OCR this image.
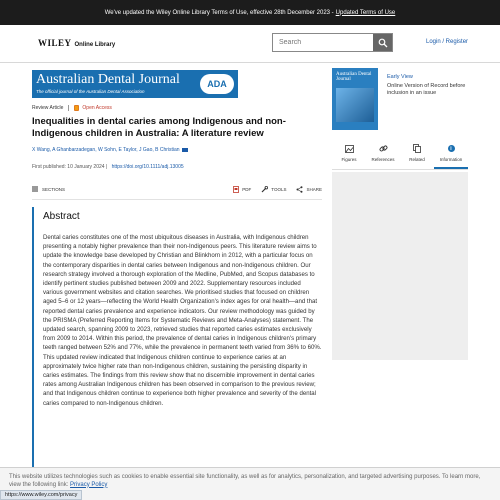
We've updated the Wiley Online Library Terms of Use, effective 28th December 2023 - Updated Terms of Use
WILEY Online Library
Search	Login / Register
Australian Dental Journal
The official journal of the Australian Dental Association
ADA
Review Article	Open Access
Inequalities in dental caries among Indigenous and non-Indigenous children in Australia: A literature review
X Wang, A Ghanbarzadegan, W Sohn, E Taylor, J Gao, B Christian
First published: 10 January 2024 | https://doi.org/10.1111/adj.13005
SECTIONS	PDF	TOOLS	SHARE
Abstract

Dental caries constitutes one of the most ubiquitous diseases in Australia, with Indigenous children presenting a notably higher prevalence than their non-Indigenous peers. This literature review aims to update the knowledge base developed by Christian and Blinkhorn in 2012, with a particular focus on the contemporary disparities in dental caries between Indigenous and non-Indigenous children. Our research strategy involved a thorough exploration of the Medline, PubMed, and Scopus databases to identify pertinent studies published between 2009 and 2022. Supplementary resources included various government websites and citation searches. We prioritised studies that focused on children aged 5–6 or 12 years—reflecting the World Health Organization's index ages for oral health—and that reported dental caries prevalence and experience indicators. Our review methodology was guided by the PRISMA (Preferred Reporting Items for Systematic Reviews and Meta-Analyses) statement. The updated search, spanning 2009 to 2023, retrieved studies that reported caries estimates exclusively from 2009 to 2014. Within this period, the prevalence of dental caries in Indigenous children's primary teeth ranged between 52% and 77%, while the prevalence in permanent teeth varied from 36% to 60%. This updated review indicated that Indigenous children continue to experience caries at an approximately twice higher rate than non-Indigenous children, sustaining the persisting disparity in caries estimates. The findings from this review show that no discernible improvement in dental caries rates among Australian Indigenous children has been observed in comparison to the previous review; and that Indigenous children continue to experience both higher prevalence and severity of the dental caries compared to non-Indigenous children.

Australian Dental Journal	Early View
Online Version of Record before inclusion in an issue
Figures	References	Related
i
Information
This website utilizes technologies such as cookies to enable essential site functionality, as well as for analytics, personalization, and targeted advertising purposes. To learn more, view the following link: Privacy Policy
https://www.wiley.com/privacy
